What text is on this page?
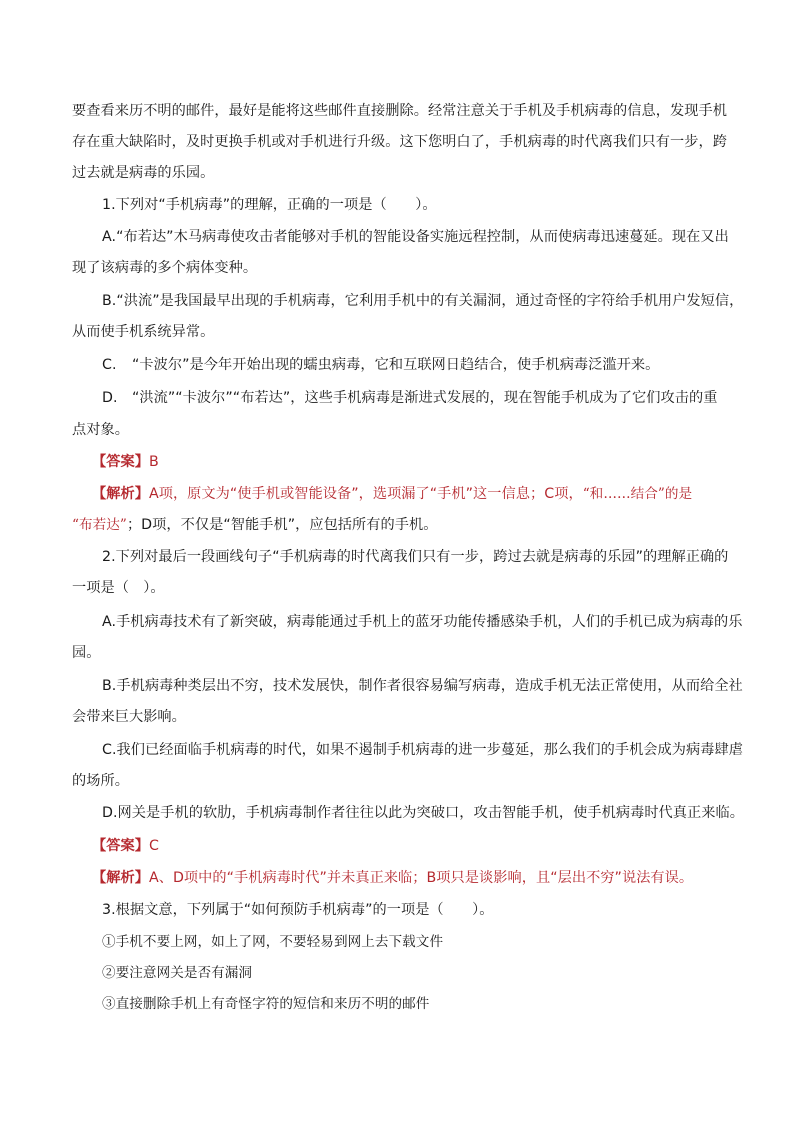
要查看来历不明的邮件，最好是能将这些邮件直接删除。经常注意关于手机及手机病毒的信息，发现手机
存在重大缺陷时，及时更换手机或对手机进行升级。这下您明白了，手机病毒的时代离我们只有一步，跨
过去就是病毒的乐园。
1.下列对“手机病毒”的理解，正确的一项是（　　）。
A.“布若达”木马病毒使攻击者能够对手机的智能设备实施远程控制，从而使病毒迅速蔓延。现在又出
现了该病毒的多个病体变种。
B.“洪流”是我国最早出现的手机病毒，它利用手机中的有关漏洞，通过奇怪的字符给手机用户发短信，
从而使手机系统异常。
C. “卡波尔”是今年开始出现的蠕虫病毒，它和互联网日趋结合，使手机病毒泛滥开来。
D. “洪流”“卡波尔”“布若达”，这些手机病毒是渐进式发展的，现在智能手机成为了它们攻击的重
点对象。
【答案】B
【解析】A项，原文为“使手机或智能设备”，选项漏了“手机”这一信息；C项，“和……结合”的是
“布若达”；D项，不仅是“智能手机”，应包括所有的手机。
2.下列对最后一段画线句子“手机病毒的时代离我们只有一步，跨过去就是病毒的乐园”的理解正确的
一项是（　）。
A.手机病毒技术有了新突破，病毒能通过手机上的蓝牙功能传播感染手机，人们的手机已成为病毒的乐
园。
B.手机病毒种类层出不穷，技术发展快，制作者很容易编写病毒，造成手机无法正常使用，从而给全社
会带来巨大影响。
C.我们已经面临手机病毒的时代，如果不遏制手机病毒的进一步蔓延，那么我们的手机会成为病毒肆虐
的场所。
D.网关是手机的软肋，手机病毒制作者往往以此为突破口，攻击智能手机，使手机病毒时代真正来临。
【答案】C
【解析】A、D项中的“手机病毒时代”并未真正来临；B项只是谈影响，且“层出不穷”说法有误。
3.根据文意，下列属于“如何预防手机病毒”的一项是（　　）。
①手机不要上网，如上了网，不要轻易到网上去下载文件
②要注意网关是否有漏洞
③直接删除手机上有奇怪字符的短信和来历不明的邮件
